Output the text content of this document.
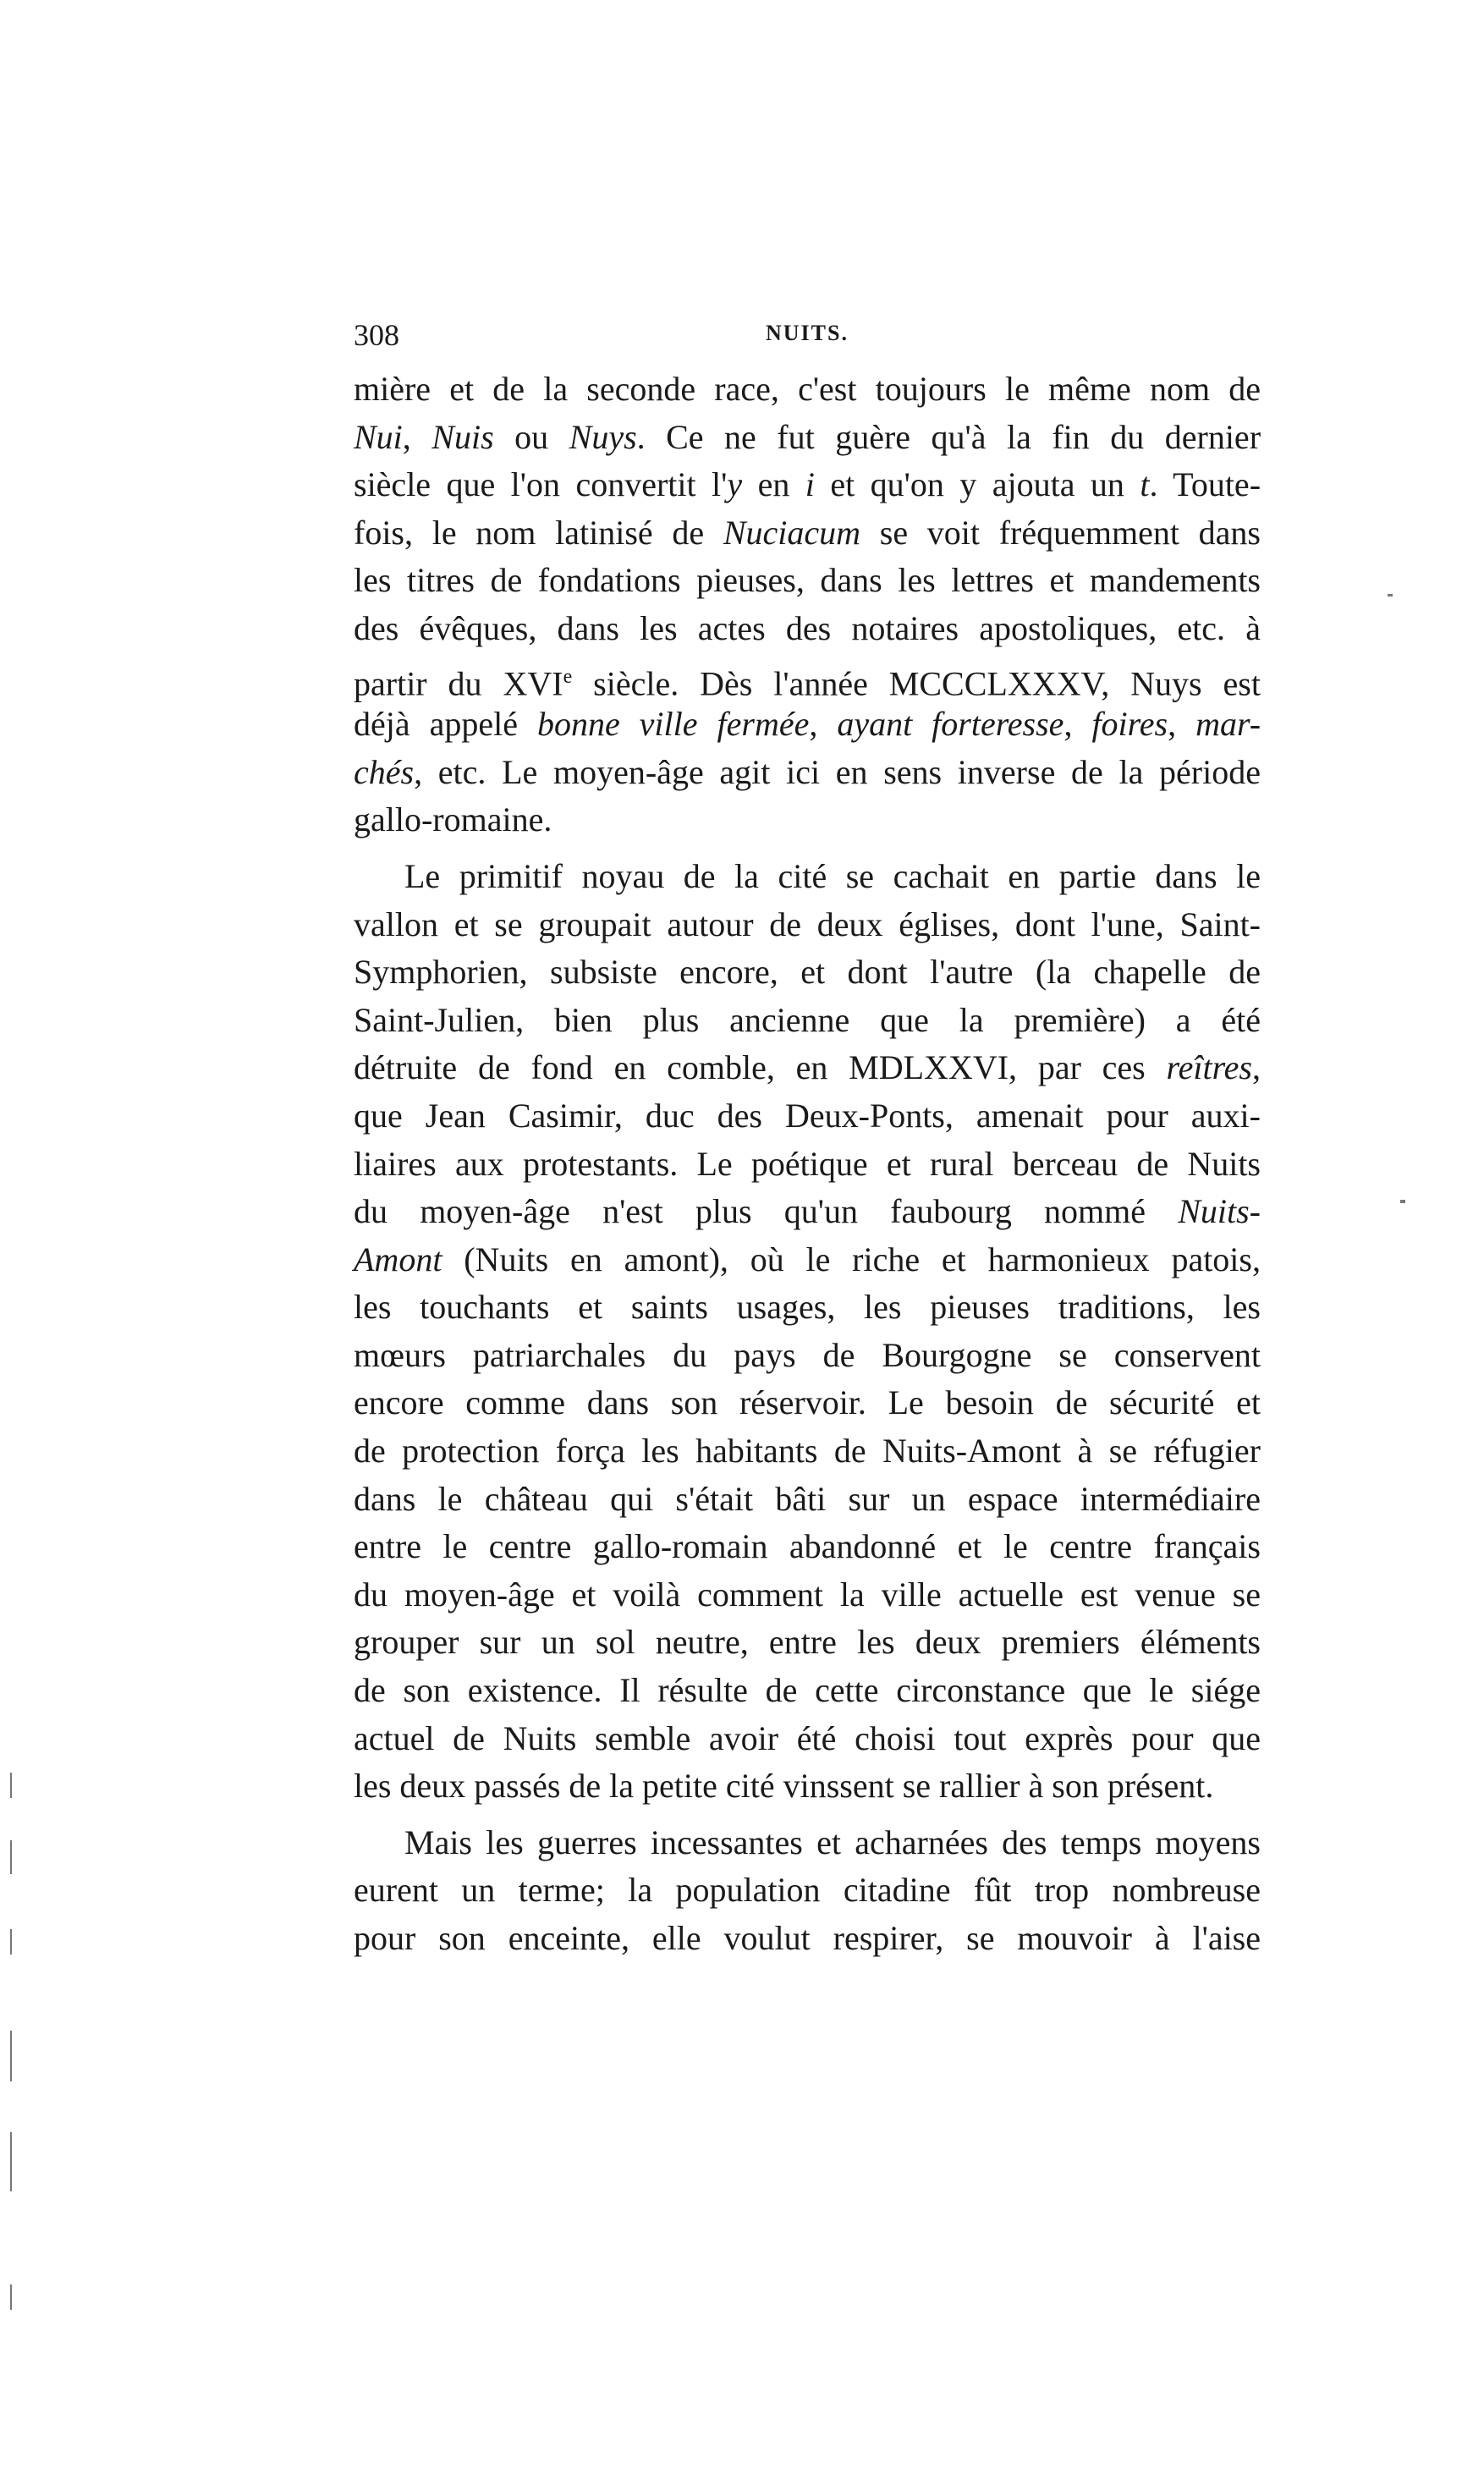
308	NUITS.
mière et de la seconde race, c'est toujours le même nom de
Nui, Nuis ou Nuys. Ce ne fut guère qu'à la fin du dernier
siècle que l'on convertit l'y en i et qu'on y ajouta un t. Toute-
fois, le nom latinisé de Nuciacum se voit fréquemment dans
les titres de fondations pieuses, dans les lettres et mandements
des évêques, dans les actes des notaires apostoliques, etc. à
partir du XVIe siècle. Dès l'année MCCCLXXXV, Nuys est
déjà appelé bonne ville fermée, ayant forteresse, foires, mar-
chés, etc. Le moyen-âge agit ici en sens inverse de la période
gallo-romaine.
Le primitif noyau de la cité se cachait en partie dans le
vallon et se groupait autour de deux églises, dont l'une, Saint-
Symphorien, subsiste encore, et dont l'autre (la chapelle de
Saint-Julien, bien plus ancienne que la première) a été
détruite de fond en comble, en MDLXXVI, par ces reîtres,
que Jean Casimir, duc des Deux-Ponts, amenait pour auxi-
liaires aux protestants. Le poétique et rural berceau de Nuits
du moyen-âge n'est plus qu'un faubourg nommé Nuits-
Amont (Nuits en amont), où le riche et harmonieux patois,
les touchants et saints usages, les pieuses traditions, les
mœurs patriarchales du pays de Bourgogne se conservent
encore comme dans son réservoir. Le besoin de sécurité et
de protection força les habitants de Nuits-Amont à se réfugier
dans le château qui s'était bâti sur un espace intermédiaire
entre le centre gallo-romain abandonné et le centre français
du moyen-âge et voilà comment la ville actuelle est venue se
grouper sur un sol neutre, entre les deux premiers éléments
de son existence. Il résulte de cette circonstance que le siége
actuel de Nuits semble avoir été choisi tout exprès pour que
les deux passés de la petite cité vinssent se rallier à son présent.
Mais les guerres incessantes et acharnées des temps moyens
eurent un terme; la population citadine fût trop nombreuse
pour son enceinte, elle voulut respirer, se mouvoir à l'aise
